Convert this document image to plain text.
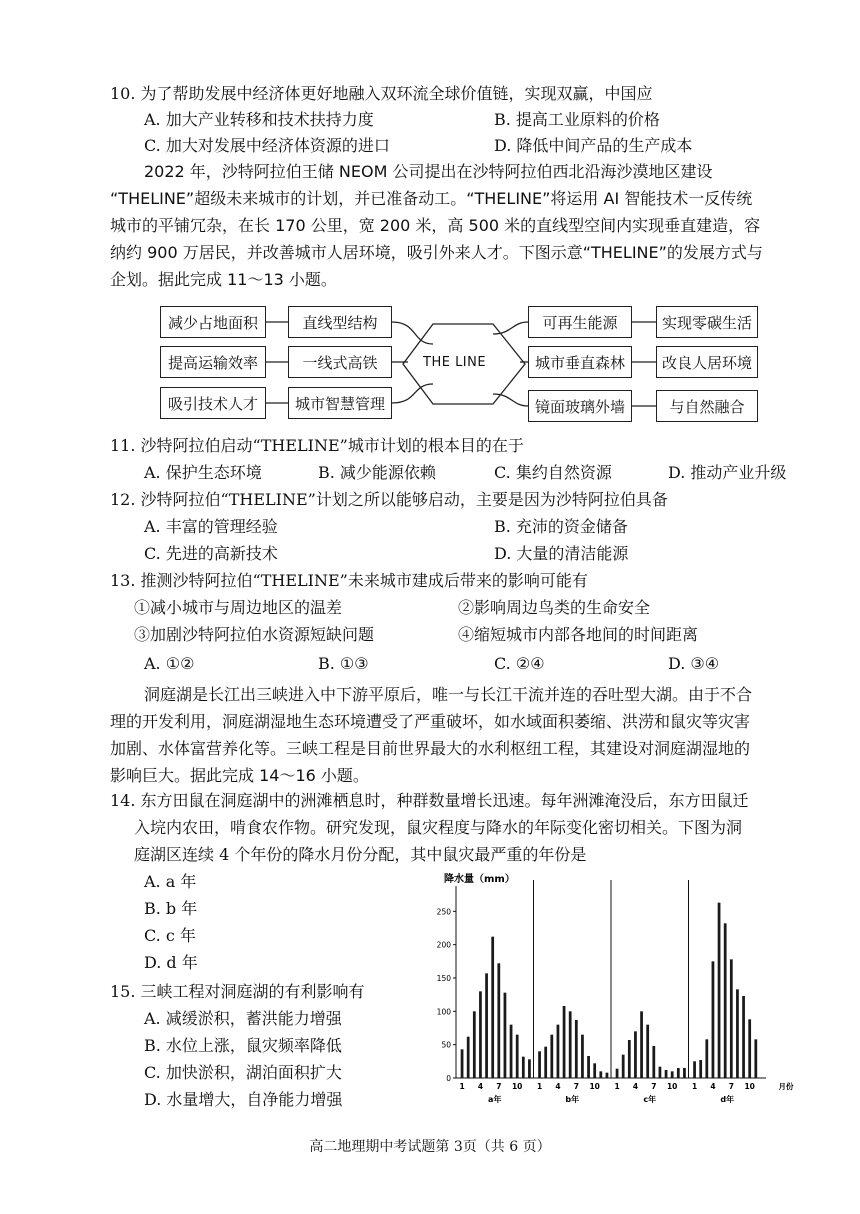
10. 为了帮助发展中经济体更好地融入双环流全球价值链，实现双赢，中国应
A. 加大产业转移和技术扶持力度	B. 提高工业原料的价格
C. 加大对发展中经济体资源的进口	D. 降低中间产品的生产成本
2022 年，沙特阿拉伯王储 NEOM 公司提出在沙特阿拉伯西北沿海沙漠地区建设
“THELINE”超级未来城市的计划，并已准备动工。“THELINE”将运用 AI 智能技术一反传统
城市的平铺冗杂，在长 170 公里，宽 200 米，高 500 米的直线型空间内实现垂直建造，容
纳约 900 万居民，并改善城市人居环境，吸引外来人才。下图示意“THELINE”的发展方式与
企划。据此完成 11～13 小题。
THE LINE
减少占地面积
提高运输效率
吸引技术人才
直线型结构
一线式高铁
城市智慧管理
可再生能源
城市垂直森林
镜面玻璃外墙
实现零碳生活
改良人居环境
与自然融合
11. 沙特阿拉伯启动“THELINE”城市计划的根本目的在于
A. 保护生态环境	B. 减少能源依赖	C. 集约自然资源	D. 推动产业升级
12. 沙特阿拉伯“THELINE”计划之所以能够启动，主要是因为沙特阿拉伯具备
A. 丰富的管理经验	B. 充沛的资金储备
C. 先进的高新技术	D. 大量的清洁能源
13. 推测沙特阿拉伯“THELINE”未来城市建成后带来的影响可能有
①减小城市与周边地区的温差	②影响周边鸟类的生命安全
③加剧沙特阿拉伯水资源短缺问题	④缩短城市内部各地间的时间距离
A. ①②	B. ①③	C. ②④	D. ③④
洞庭湖是长江出三峡进入中下游平原后，唯一与长江干流并连的吞吐型大湖。由于不合
理的开发利用，洞庭湖湿地生态环境遭受了严重破坏，如水域面积萎缩、洪涝和鼠灾等灾害
加剧、水体富营养化等。三峡工程是目前世界最大的水利枢纽工程，其建设对洞庭湖湿地的
影响巨大。据此完成 14～16 小题。
14. 东方田鼠在洞庭湖中的洲滩栖息时，种群数量增长迅速。每年洲滩淹没后，东方田鼠迁
入垸内农田，啃食农作物。研究发现，鼠灾程度与降水的年际变化密切相关。下图为洞
庭湖区连续 4 个年份的降水月份分配，其中鼠灾最严重的年份是
A. a 年
B. b 年
C. c 年
D. d 年
15. 三峡工程对洞庭湖的有利影响有
A. 减缓淤积，蓄洪能力增强
B. 水位上涨，鼠灾频率降低
C. 加快淤积，湖泊面积扩大
D. 水量增大，自净能力增强
降水量（mm）
0
50
100
150
200
250
1 4 7 10
a年
1 4 7 10
b年
1 4 7 10
c年
1 4 7 10
d年
月份
高二地理期中考试题第 3页（共 6 页）
